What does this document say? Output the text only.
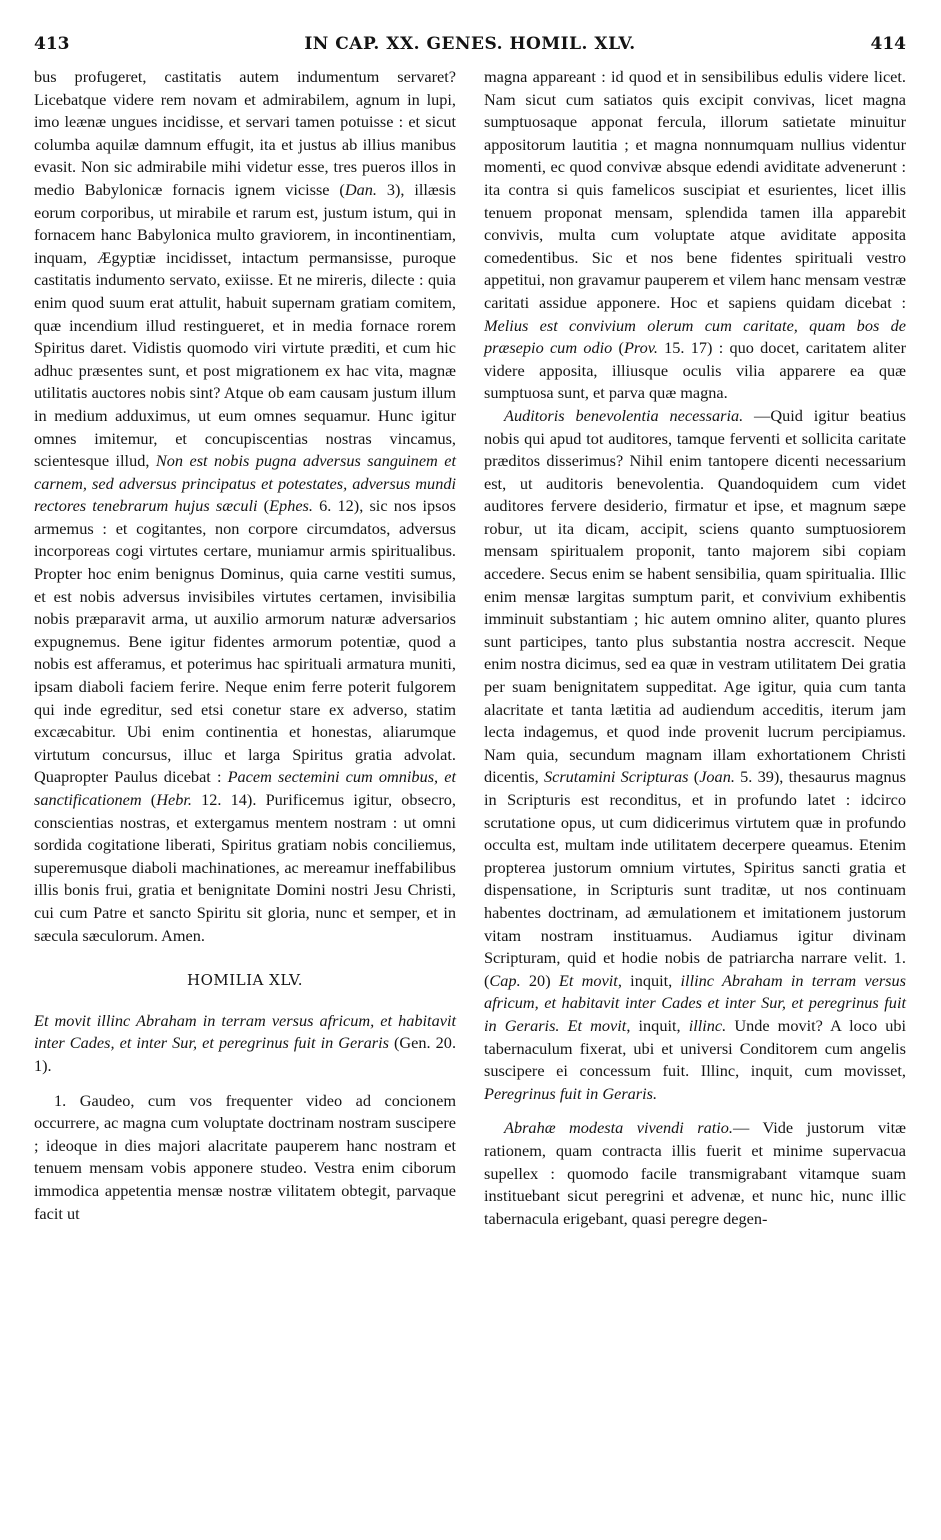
413	IN CAP. XX. GENES. HOMIL. XLV.	414

bus profugeret, castitatis autem indumentum servaret? Licebatque videre rem novam et admirabilem, agnum in lupi, imo leænæ ungues incidisse, et servari tamen potuisse : et sicut columba aquilæ damnum effugit, ita et justus ab illius manibus evasit. Non sic admirabile mihi videtur esse, tres pueros illos in medio Babylonicæ fornacis ignem vicisse (Dan. 3), illæsis eorum corporibus, ut mirabile et rarum est, justum istum, qui in fornacem hanc Babylonica multo graviorem, in incontinentiam, inquam, Ægyptiæ incidisset, intactum permansisse, puroque castitatis indumento servato, exiisse. Et ne mireris, dilecte : quia enim quod suum erat attulit, habuit supernam gratiam comitem, quæ incendium illud restingueret, et in media fornace rorem Spiritus daret. Vidistis quomodo viri virtute præditi, et cum hic adhuc præsentes sunt, et post migrationem ex hac vita, magnæ utilitatis auctores nobis sint? Atque ob eam causam justum illum in medium adduximus, ut eum omnes sequamur. Hunc igitur omnes imitemur, et concupiscentias nostras vincamus, scientesque illud, Non est nobis pugna adversus sanguinem et carnem, sed adversus principatus et potestates, adversus mundi rectores tenebrarum hujus sæculi (Ephes. 6. 12), sic nos ipsos armemus : et cogitantes, non corpore circumdatos, adversus incorporeas cogi virtutes certare, muniamur armis spiritualibus. Propter hoc enim benignus Dominus, quia carne vestiti sumus, et est nobis adversus invisibiles virtutes certamen, invisibilia nobis præparavit arma, ut auxilio armorum naturæ adversarios expugnemus. Bene igitur fidentes armorum potentiæ, quod a nobis est afferamus, et poterimus hac spirituali armatura muniti, ipsam diaboli faciem ferire. Neque enim ferre poterit fulgorem qui inde egreditur, sed etsi conetur stare ex adverso, statim excæcabitur. Ubi enim continentia et honestas, aliarumque virtutum concursus, illuc et larga Spiritus gratia advolat. Quapropter Paulus dicebat : Pacem sectemini cum omnibus, et sanctificationem (Hebr. 12. 14). Purificemus igitur, obsecro, conscientias nostras, et extergamus mentem nostram : ut omni sordida cogitatione liberati, Spiritus gratiam nobis conciliemus, superemusque diaboli machinationes, ac mereamur ineffabilibus illis bonis frui, gratia et benignitate Domini nostri Jesu Christi, cui cum Patre et sancto Spiritu sit gloria, nunc et semper, et in sæcula sæculorum. Amen.

HOMILIA XLV.

Et movit illinc Abraham in terram versus africum, et habitavit inter Cades, et inter Sur, et peregrinus fuit in Geraris (Gen. 20. 1).

1. Gaudeo, cum vos frequenter video ad concionem occurrere, ac magna cum voluptate doctrinam nostram suscipere ; ideoque in dies majori alacritate pauperem hanc nostram et tenuem mensam vobis apponere studeo. Vestra enim ciborum immodica appetentia mensæ nostræ vilitatem obtegit, parvaque facit ut

magna appareant : id quod et in sensibilibus edulis videre licet. Nam sicut cum satiatos quis excipit convivas, licet magna sumptuosaque apponat fercula, illorum satietate minuitur appositorum lautitia ; et magna nonnumquam nullius videntur momenti, ec quod convivæ absque edendi aviditate advenerunt : ita contra si quis famelicos suscipiat et esurientes, licet illis tenuem proponat mensam, splendida tamen illa apparebit convivis, multa cum voluptate atque aviditate apposita comedentibus. Sic et nos bene fidentes spirituali vestro appetitui, non gravamur pauperem et vilem hanc mensam vestræ caritati assidue apponere. Hoc et sapiens quidam dicebat : Melius est convivium olerum cum caritate, quam bos de præsepio cum odio (Prov. 15. 17) : quo docet, caritatem aliter videre apposita, illiusque oculis vilia apparere ea quæ sumptuosa sunt, et parva quæ magna.

Auditoris benevolentia necessaria. —Quid igitur beatius nobis qui apud tot auditores, tamque ferventi et sollicita caritate præditos disserimus? Nihil enim tantopere dicenti necessarium est, ut auditoris benevolentia. Quandoquidem cum videt auditores fervere desiderio, firmatur et ipse, et magnum sæpe robur, ut ita dicam, accipit, sciens quanto sumptuosiorem mensam spiritualem proponit, tanto majorem sibi copiam accedere. Secus enim se habent sensibilia, quam spiritualia. Illic enim mensæ largitas sumptum parit, et convivium exhibentis imminuit substantiam ; hic autem omnino aliter, quanto plures sunt participes, tanto plus substantia nostra accrescit. Neque enim nostra dicimus, sed ea quæ in vestram utilitatem Dei gratia per suam benignitatem suppeditat. Age igitur, quia cum tanta alacritate et tanta lætitia ad audiendum acceditis, iterum jam lecta indagemus, et quod inde provenit lucrum percipiamus. Nam quia, secundum magnam illam exhortationem Christi dicentis, Scrutamini Scripturas (Joan. 5. 39), thesaurus magnus in Scripturis est reconditus, et in profundo latet : idcirco scrutatione opus, ut cum didicerimus virtutem quæ in profundo occulta est, multam inde utilitatem decerpere queamus. Etenim propterea justorum omnium virtutes, Spiritus sancti gratia et dispensatione, in Scripturis sunt traditæ, ut nos continuam habentes doctrinam, ad æmulationem et imitationem justorum vitam nostram instituamus. Audiamus igitur divinam Scripturam, quid et hodie nobis de patriarcha narrare velit. 1. (Cap. 20) Et movit, inquit, illinc Abraham in terram versus africum, et habitavit inter Cades et inter Sur, et peregrinus fuit in Geraris. Et movit, inquit, illinc. Unde movit? A loco ubi tabernaculum fixerat, ubi et universi Conditorem cum angelis suscipere ei concessum fuit. Illinc, inquit, cum movisset, Peregrinus fuit in Geraris.

Abrahæ modesta vivendi ratio.— Vide justorum vitæ rationem, quam contracta illis fuerit et minime supervacua supellex : quomodo facile transmigrabant vitamque suam instituebant sicut peregrini et advenæ, et nunc hic, nunc illic tabernacula erigebant, quasi peregre degen-
